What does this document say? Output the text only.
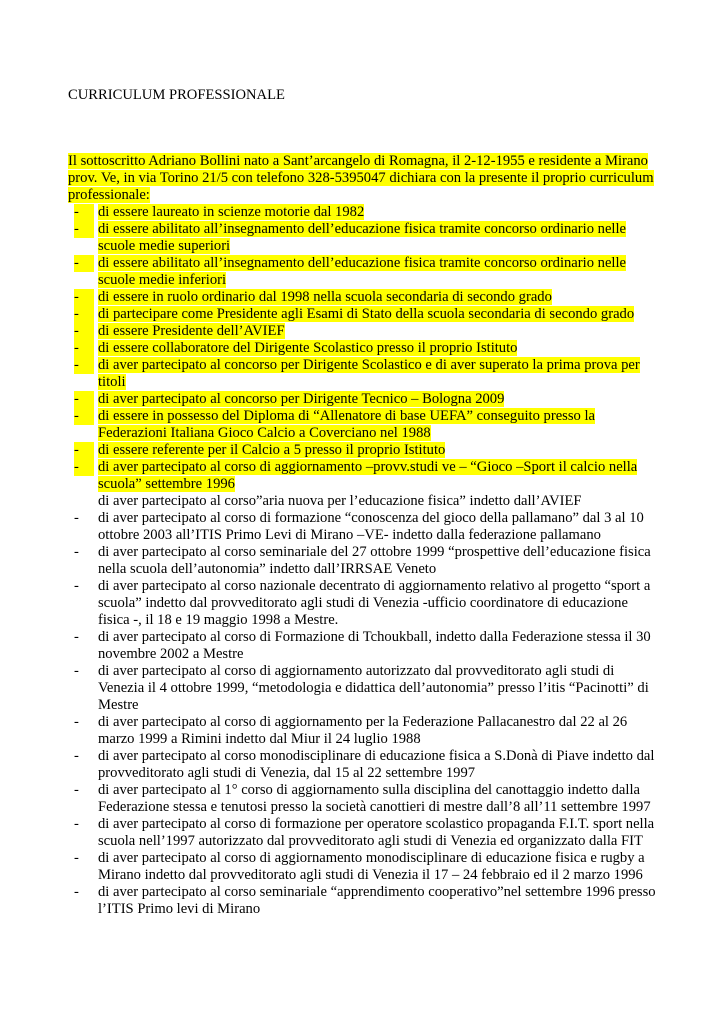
CURRICULUM PROFESSIONALE

Il sottoscritto Adriano Bollini nato a Sant’arcangelo di Romagna, il 2-12-1955 e residente a Mirano prov. Ve, in via Torino 21/5 con telefono 328-5395047 dichiara con la presente il proprio curriculum professionale:

-	di essere laureato in scienze motorie dal 1982
-	di essere abilitato all’insegnamento dell’educazione fisica tramite concorso ordinario nelle scuole medie superiori
-	di essere abilitato all’insegnamento dell’educazione fisica tramite concorso ordinario nelle scuole medie inferiori
-	di essere in ruolo ordinario dal 1998 nella scuola secondaria di secondo grado
-	di partecipare come Presidente agli Esami di Stato della scuola secondaria di secondo grado
-	di essere Presidente dell’AVIEF
-	di essere collaboratore del Dirigente Scolastico presso il proprio Istituto
-	di aver partecipato al concorso per Dirigente Scolastico e di aver superato la prima prova per titoli
-	di aver partecipato al concorso per Dirigente Tecnico – Bologna 2009
-	di essere in possesso del Diploma di “Allenatore di base UEFA” conseguito presso la Federazioni Italiana Gioco Calcio a Coverciano nel 1988
-	di essere referente per il Calcio a 5 presso il proprio Istituto
-	di aver partecipato al corso di aggiornamento –provv.studi ve – “Gioco –Sport il calcio nella scuola” settembre 1996
di aver partecipato al corso”aria nuova per l’educazione fisica” indetto dall’AVIEF
-	di aver partecipato al corso di formazione “conoscenza del gioco della pallamano” dal 3 al 10 ottobre 2003 all’ITIS Primo Levi di Mirano –VE- indetto dalla federazione pallamano
-	di aver partecipato al corso seminariale del 27 ottobre 1999 “prospettive dell’educazione fisica nella scuola dell’autonomia” indetto dall’IRRSAE Veneto
-	di aver partecipato al corso nazionale decentrato di aggiornamento relativo al progetto “sport a scuola” indetto dal provveditorato agli studi di Venezia -ufficio coordinatore di educazione fisica -, il 18 e 19 maggio 1998 a Mestre.
-	di aver partecipato al corso di Formazione di Tchoukball, indetto dalla Federazione stessa il 30 novembre 2002 a Mestre
-	di aver partecipato al corso di aggiornamento autorizzato dal provveditorato agli studi di Venezia il 4 ottobre 1999, “metodologia e didattica dell’autonomia” presso l’itis “Pacinotti” di Mestre
-	di aver partecipato al corso di aggiornamento per la Federazione Pallacanestro dal 22 al 26 marzo 1999 a Rimini indetto dal Miur il 24 luglio 1988
-	di aver partecipato al corso monodisciplinare di educazione fisica a S.Donà di Piave indetto dal provveditorato agli studi di Venezia, dal 15 al 22 settembre 1997
-	di aver partecipato al 1° corso di aggiornamento sulla disciplina del canottaggio indetto dalla Federazione stessa e tenutosi presso la società canottieri di mestre dall’8 all’11 settembre 1997
-	di aver partecipato al corso di formazione per operatore scolastico propaganda F.I.T. sport nella scuola nell’1997 autorizzato dal provveditorato agli studi di Venezia ed organizzato dalla FIT
-	di aver partecipato al corso di aggiornamento monodisciplinare di educazione fisica e rugby a Mirano indetto dal provveditorato agli studi di Venezia il 17 – 24 febbraio ed il 2 marzo 1996
-	di aver partecipato al corso seminariale “apprendimento cooperativo”nel settembre 1996 presso l’ITIS Primo levi di Mirano
